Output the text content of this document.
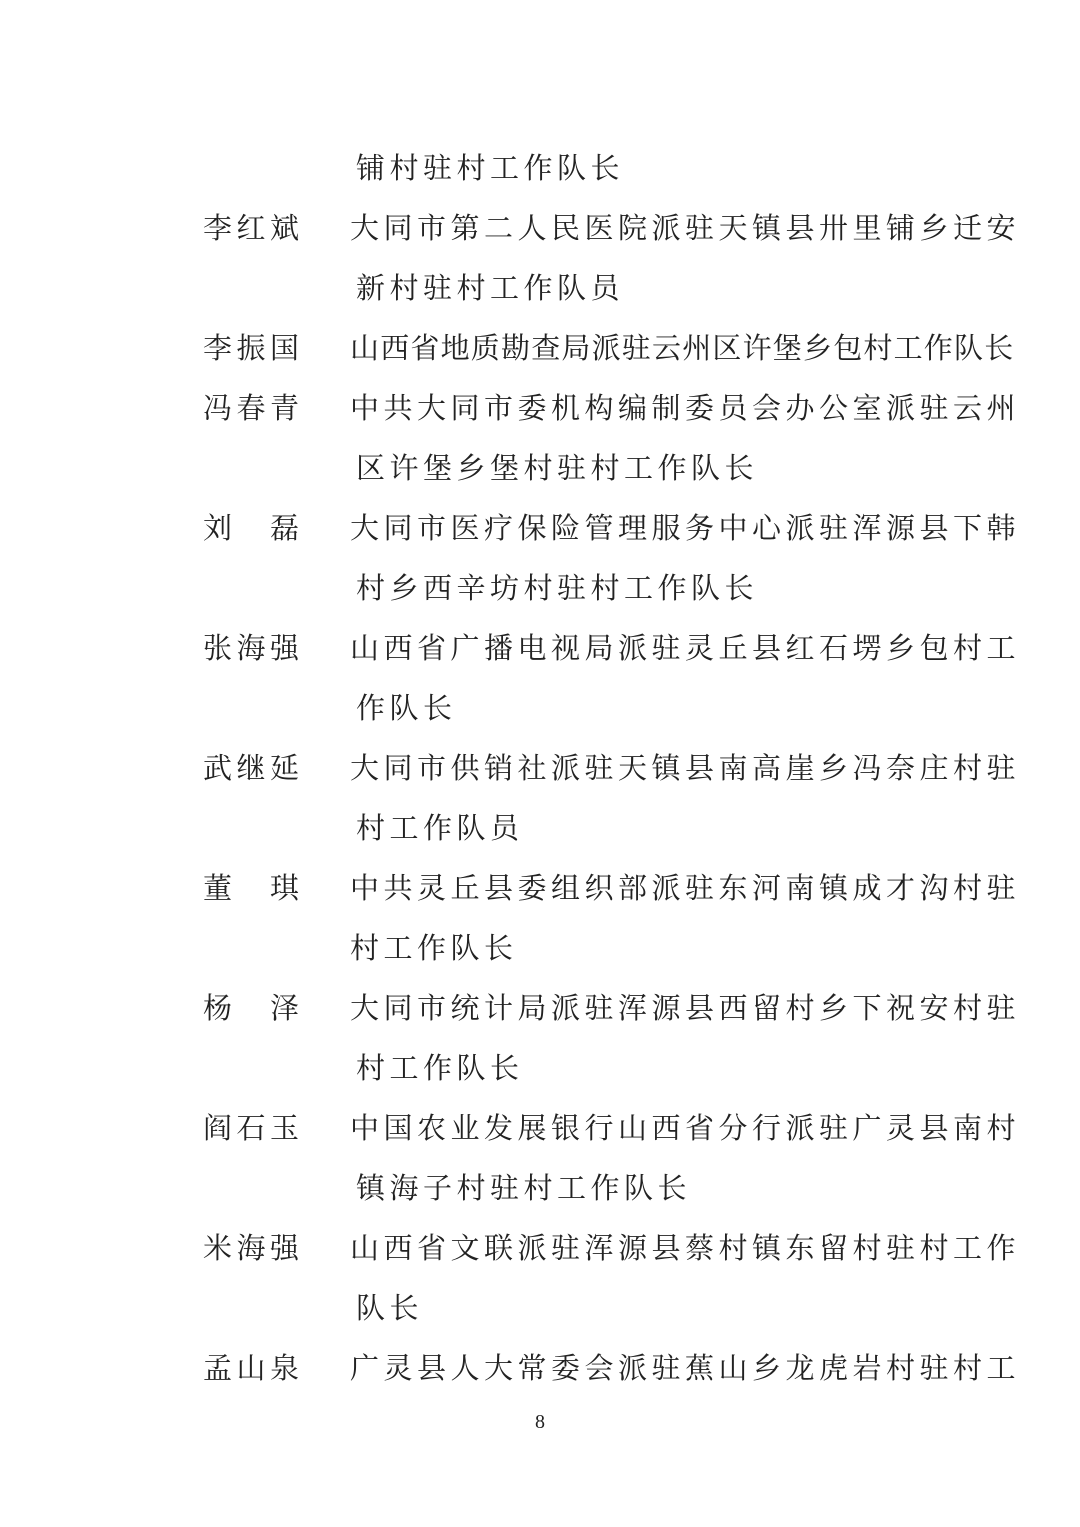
铺村驻村工作队长
李红斌 大同市第二人民医院派驻天镇县卅里铺乡迁安
新村驻村工作队员
李振国 山西省地质勘查局派驻云州区许堡乡包村工作队长
冯春青 中共大同市委机构编制委员会办公室派驻云州
区许堡乡堡村驻村工作队长
刘　磊 大同市医疗保险管理服务中心派驻浑源县下韩
村乡西辛坊村驻村工作队长
张海强 山西省广播电视局派驻灵丘县红石塄乡包村工
作队长
武继延 大同市供销社派驻天镇县南高崖乡冯奈庄村驻
村工作队员
董　琪 中共灵丘县委组织部派驻东河南镇成才沟村驻
村工作队长
杨　泽 大同市统计局派驻浑源县西留村乡下祝安村驻
村工作队长
阎石玉 中国农业发展银行山西省分行派驻广灵县南村
镇海子村驻村工作队长
米海强 山西省文联派驻浑源县蔡村镇东留村驻村工作
队长
孟山泉 广灵县人大常委会派驻蕉山乡龙虎岩村驻村工
8
